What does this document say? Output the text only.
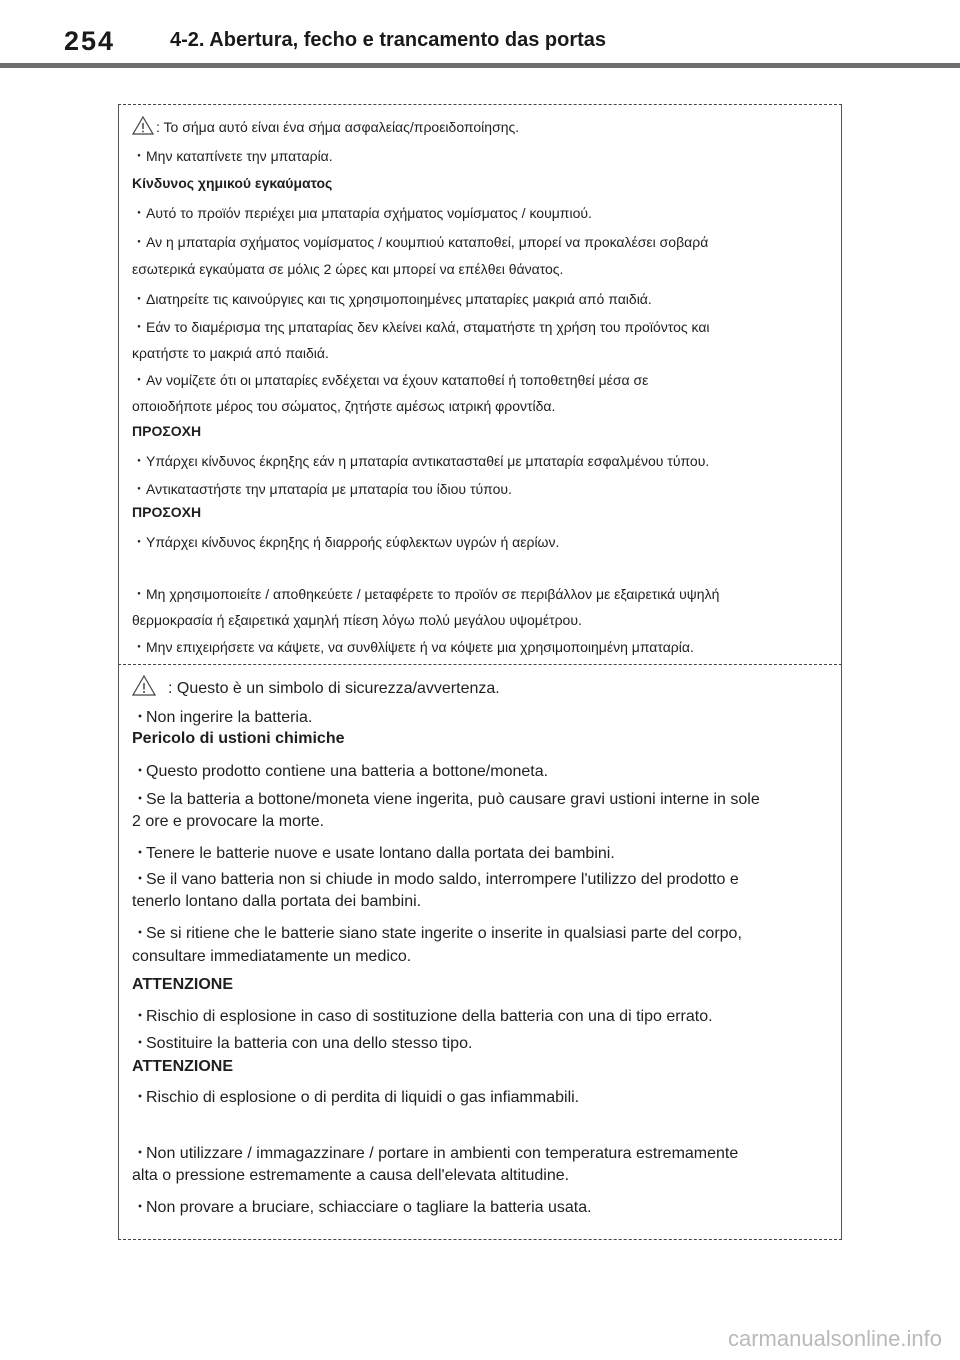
254	4-2. Abertura, fecho e trancamento das portas
: Το σήμα αυτό είναι ένα σήμα ασφαλείας/προειδοποίησης.
・Μην καταπίνετε την μπαταρία.
Κίνδυνος χημικού εγκαύματος
・Αυτό το προϊόν περιέχει μια μπαταρία σχήματος νομίσματος / κουμπιού.
・Αν η μπαταρία σχήματος νομίσματος / κουμπιού καταποθεί, μπορεί να προκαλέσει σοβαρά
εσωτερικά εγκαύματα σε μόλις 2 ώρες και μπορεί να επέλθει θάνατος.
・Διατηρείτε τις καινούργιες και τις χρησιμοποιημένες μπαταρίες μακριά από παιδιά.
・Εάν το διαμέρισμα της μπαταρίας δεν κλείνει καλά, σταματήστε τη χρήση του προϊόντος και
κρατήστε το μακριά από παιδιά.
・Αν νομίζετε ότι οι μπαταρίες ενδέχεται να έχουν καταποθεί ή τοποθετηθεί μέσα σε
οποιοδήποτε μέρος του σώματος, ζητήστε αμέσως ιατρική φροντίδα.
ΠΡΟΣΟΧΗ
・Υπάρχει κίνδυνος έκρηξης εάν η μπαταρία αντικατασταθεί με μπαταρία εσφαλμένου τύπου.
・Αντικαταστήστε την μπαταρία με μπαταρία του ίδιου τύπου.
ΠΡΟΣΟΧΗ
・Υπάρχει κίνδυνος έκρηξης ή διαρροής εύφλεκτων υγρών ή αερίων.
・Μη χρησιμοποιείτε / αποθηκεύετε / μεταφέρετε το προϊόν σε περιβάλλον με εξαιρετικά υψηλή
θερμοκρασία ή εξαιρετικά χαμηλή πίεση λόγω πολύ μεγάλου υψομέτρου.
・Μην επιχειρήσετε να κάψετε, να συνθλίψετε ή να κόψετε μια χρησιμοποιημένη μπαταρία.
: Questo è un simbolo di sicurezza/avvertenza.
・Non ingerire la batteria.
Pericolo di ustioni chimiche
・Questo prodotto contiene una batteria a bottone/moneta.
・Se la batteria a bottone/moneta viene ingerita, può causare gravi ustioni interne in sole
2 ore e provocare la morte.
・Tenere le batterie nuove e usate lontano dalla portata dei bambini.
・Se il vano batteria non si chiude in modo saldo, interrompere l'utilizzo del prodotto e
tenerlo lontano dalla portata dei bambini.
・Se si ritiene che le batterie siano state ingerite o inserite in qualsiasi parte del corpo,
consultare immediatamente un medico.
ATTENZIONE
・Rischio di esplosione in caso di sostituzione della batteria con una di tipo errato.
・Sostituire la batteria con una dello stesso tipo.
ATTENZIONE
・Rischio di esplosione o di perdita di liquidi o gas infiammabili.
・Non utilizzare / immagazzinare / portare in ambienti con temperatura estremamente
alta o pressione estremamente a causa dell'elevata altitudine.
・Non provare a bruciare, schiacciare o tagliare la batteria usata.
carmanualsonline.info
